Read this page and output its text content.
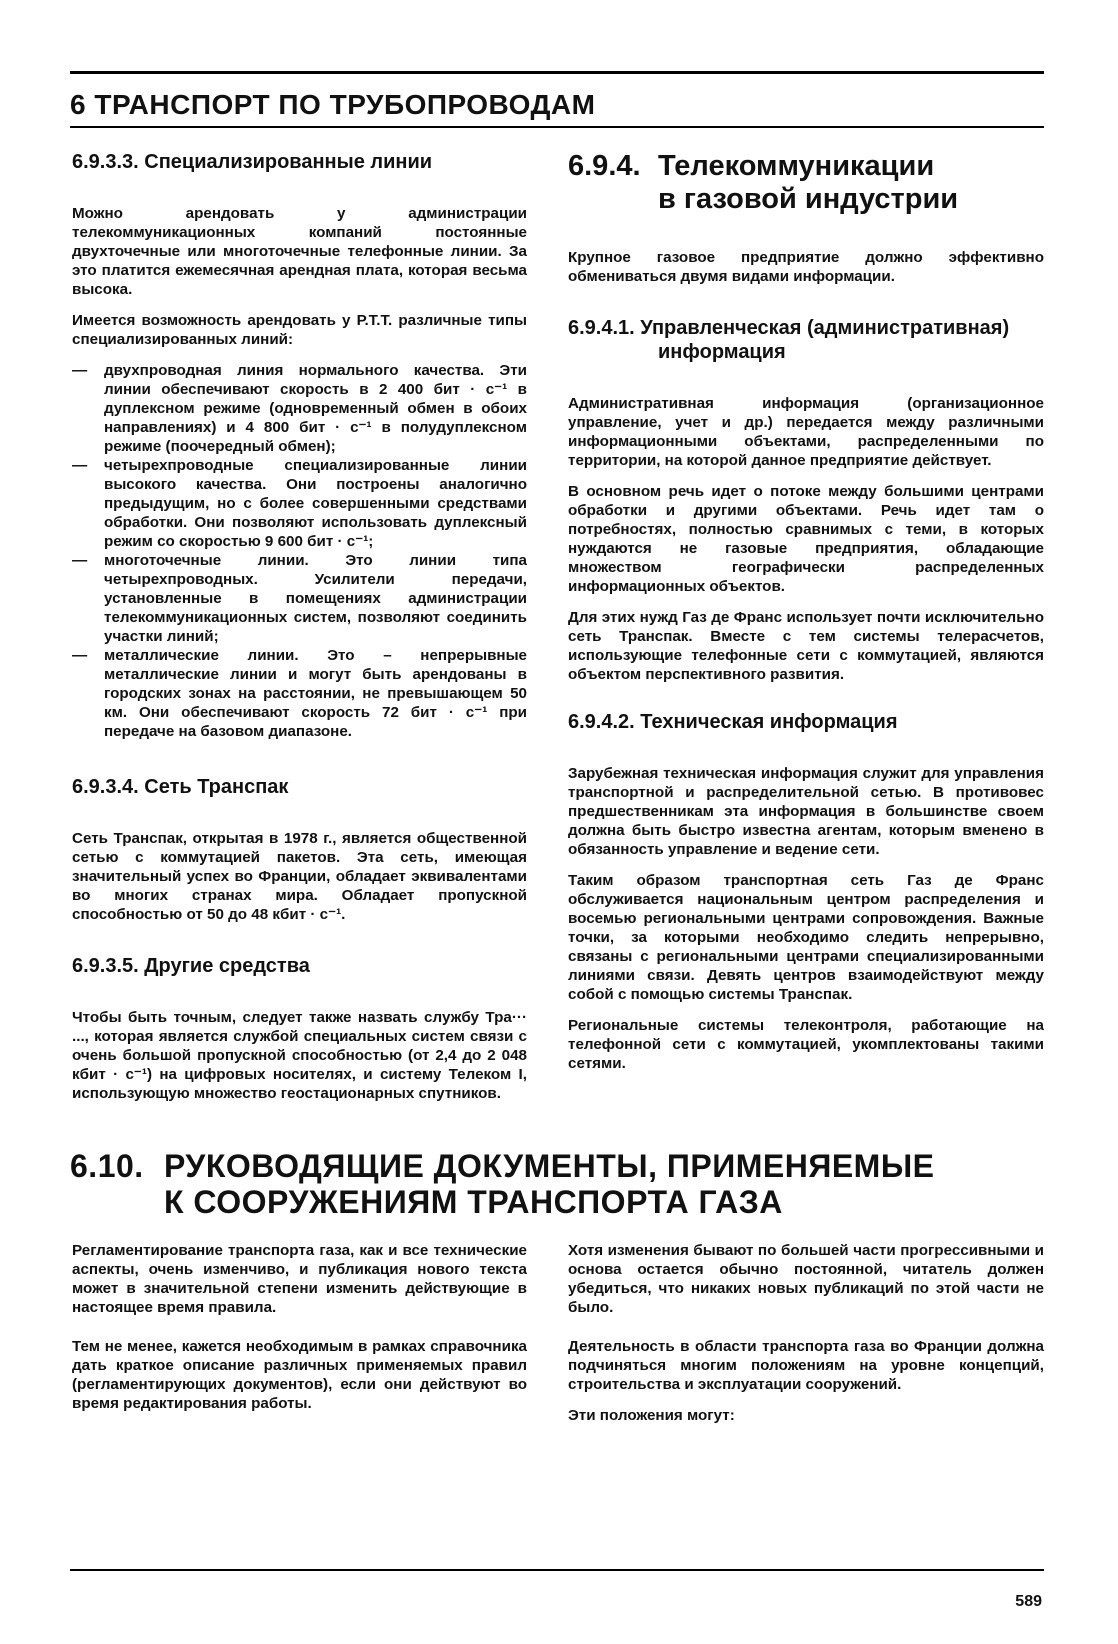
6 ТРАНСПОРТ ПО ТРУБОПРОВОДАМ
6.9.3.3. Специализированные линии

Можно арендовать у администрации телекоммуникационных компаний постоянные двухточечные или многоточечные телефонные линии. За это платится ежемесячная арендная плата, которая весьма высока.

Имеется возможность арендовать у Р.Т.Т. различные типы специализированных линий:

— двухпроводная линия нормального качества. Эти линии обеспечивают скорость в 2 400 бит · с⁻¹ в дуплексном режиме (одновременный обмен в обоих направлениях) и 4 800 бит · с⁻¹ в полудуплексном режиме (поочередный обмен);
— четырехпроводные специализированные линии высокого качества. Они построены аналогично предыдущим, но с более совершенными средствами обработки. Они позволяют использовать дуплексный режим со скоростью 9 600 бит · с⁻¹;
— многоточечные линии. Это линии типа четырехпроводных. Усилители передачи, установленные в помещениях администрации телекоммуникационных систем, позволяют соединить участки линий;
— металлические линии. Это – непрерывные металлические линии и могут быть арендованы в городских зонах на расстоянии, не превышающем 50 км. Они обеспечивают скорость 72 бит · с⁻¹ при передаче на базовом диапазоне.
6.9.3.4. Сеть Транспак

Сеть Транспак, открытая в 1978 г., является общественной сетью с коммутацией пакетов. Эта сеть, имеющая значительный успех во Франции, обладает эквивалентами во многих странах мира. Обладает пропускной способностью от 50 до 48 кбит · с⁻¹.

6.9.3.5. Другие средства

Чтобы быть точным, следует также назвать службу Тра··· ..., которая является службой специальных систем связи с очень большой пропускной способностью (от 2,4 до 2 048 кбит · с⁻¹) на цифровых носителях, и систему Телеком I, использующую множество геостационарных спутников.

6.9.4. Телекоммуникации
в газовой индустрии

Крупное газовое предприятие должно эффективно обмениваться двумя видами информации.

6.9.4.1. Управленческая (административная) информация

Административная информация (организационное управление, учет и др.) передается между различными информационными объектами, распределенными по территории, на которой данное предприятие действует.

В основном речь идет о потоке между большими центрами обработки и другими объектами. Речь идет там о потребностях, полностью сравнимых с теми, в которых нуждаются не газовые предприятия, обладающие множеством географически распределенных информационных объектов.

Для этих нужд Газ де Франс использует почти исключительно сеть Транспак. Вместе с тем системы телерасчетов, использующие телефонные сети с коммутацией, являются объектом перспективного развития.

6.9.4.2. Техническая информация

Зарубежная техническая информация служит для управления транспортной и распределительной сетью. В противовес предшественникам эта информация в большинстве своем должна быть быстро известна агентам, которым вменено в обязанность управление и ведение сети.

Таким образом транспортная сеть Газ де Франс обслуживается национальным центром распределения и восемью региональными центрами сопровождения. Важные точки, за которыми необходимо следить непрерывно, связаны с региональными центрами специализированными линиями связи. Девять центров взаимодействуют между собой с помощью системы Транспак.

Региональные системы телеконтроля, работающие на телефонной сети с коммутацией, укомплектованы такими сетями.

6.10. РУКОВОДЯЩИЕ ДОКУМЕНТЫ, ПРИМЕНЯЕМЫЕ
К СООРУЖЕНИЯМ ТРАНСПОРТА ГАЗА

Регламентирование транспорта газа, как и все технические аспекты, очень изменчиво, и публикация нового текста может в значительной степени изменить действующие в настоящее время правила.

Тем не менее, кажется необходимым в рамках справочника дать краткое описание различных применяемых правил (регламентирующих документов), если они действуют во время редактирования работы.

Хотя изменения бывают по большей части прогрессивными и основа остается обычно постоянной, читатель должен убедиться, что никаких новых публикаций по этой части не было.

Деятельность в области транспорта газа во Франции должна подчиняться многим положениям на уровне концепций, строительства и эксплуатации сооружений.

Эти положения могут:

589
